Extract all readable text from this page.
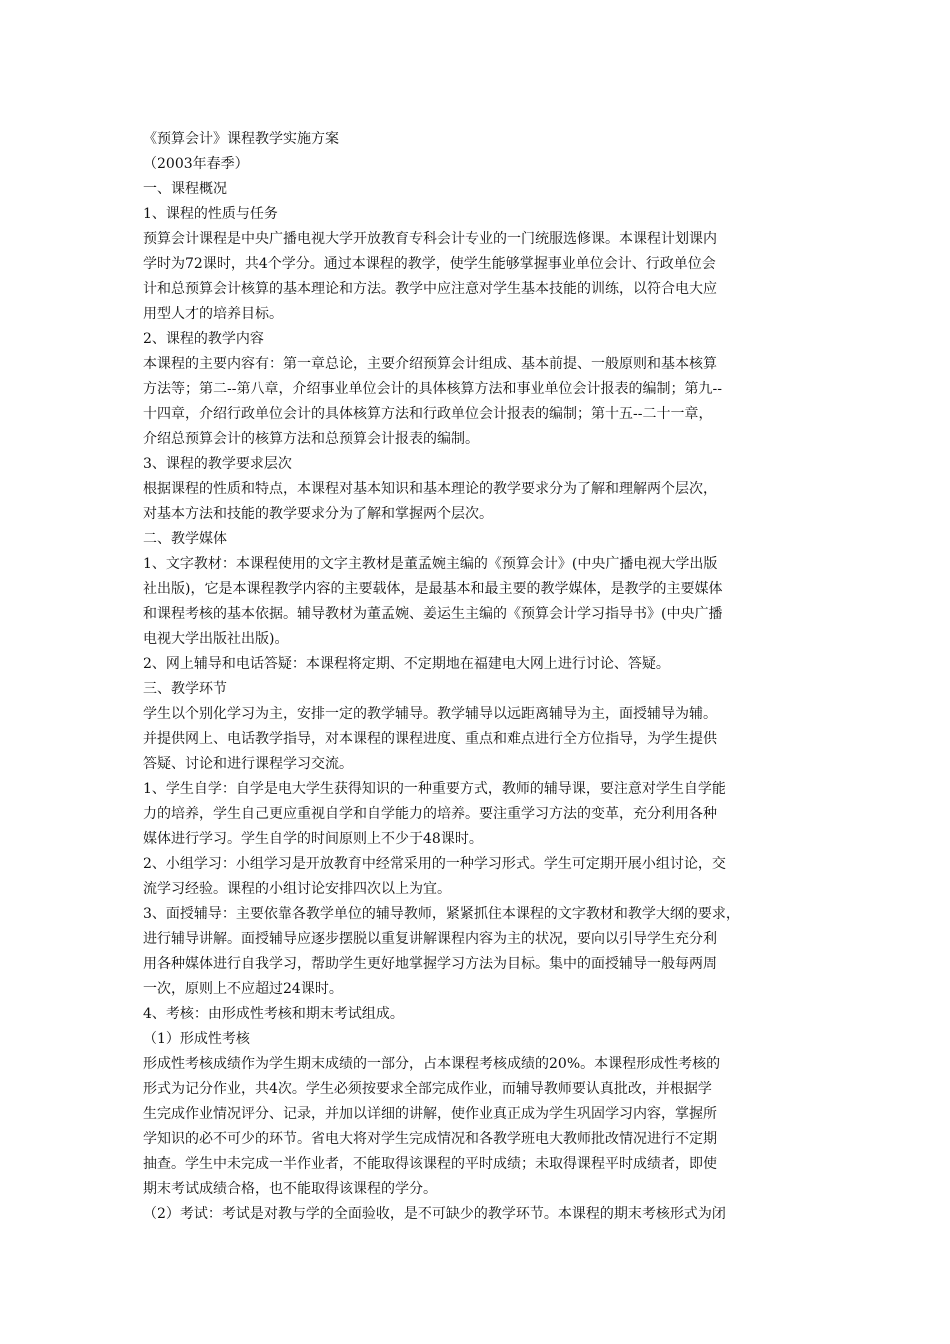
《预算会计》课程教学实施方案
（2003年春季）
一、课程概况
1、课程的性质与任务
预算会计课程是中央广播电视大学开放教育专科会计专业的一门统服选修课。本课程计划课内
学时为72课时，共4个学分。通过本课程的教学，使学生能够掌握事业单位会计、行政单位会
计和总预算会计核算的基本理论和方法。教学中应注意对学生基本技能的训练，以符合电大应
用型人才的培养目标。
2、课程的教学内容
本课程的主要内容有：第一章总论，主要介绍预算会计组成、基本前提、一般原则和基本核算
方法等；第二--第八章，介绍事业单位会计的具体核算方法和事业单位会计报表的编制；第九--
十四章，介绍行政单位会计的具体核算方法和行政单位会计报表的编制；第十五--二十一章，
介绍总预算会计的核算方法和总预算会计报表的编制。
3、课程的教学要求层次
根据课程的性质和特点，本课程对基本知识和基本理论的教学要求分为了解和理解两个层次，
对基本方法和技能的教学要求分为了解和掌握两个层次。
二、教学媒体
1、文字教材：本课程使用的文字主教材是董孟婉主编的《预算会计》(中央广播电视大学出版
社出版)，它是本课程教学内容的主要载体，是最基本和最主要的教学媒体，是教学的主要媒体
和课程考核的基本依据。辅导教材为董孟婉、姜运生主编的《预算会计学习指导书》(中央广播
电视大学出版社出版)。
2、网上辅导和电话答疑：本课程将定期、不定期地在福建电大网上进行讨论、答疑。
三、教学环节
学生以个别化学习为主，安排一定的教学辅导。教学辅导以远距离辅导为主，面授辅导为辅。
并提供网上、电话教学指导，对本课程的课程进度、重点和难点进行全方位指导，为学生提供
答疑、讨论和进行课程学习交流。
1、学生自学：自学是电大学生获得知识的一种重要方式，教师的辅导课，要注意对学生自学能
力的培养，学生自己更应重视自学和自学能力的培养。要注重学习方法的变革，充分利用各种
媒体进行学习。学生自学的时间原则上不少于48课时。
2、小组学习：小组学习是开放教育中经常采用的一种学习形式。学生可定期开展小组讨论，交
流学习经验。课程的小组讨论安排四次以上为宜。
3、面授辅导：主要依靠各教学单位的辅导教师，紧紧抓住本课程的文字教材和教学大纲的要求，
进行辅导讲解。面授辅导应逐步摆脱以重复讲解课程内容为主的状况，要向以引导学生充分利
用各种媒体进行自我学习，帮助学生更好地掌握学习方法为目标。集中的面授辅导一般每两周
一次，原则上不应超过24课时。
4、考核：由形成性考核和期末考试组成。
（1）形成性考核
形成性考核成绩作为学生期末成绩的一部分，占本课程考核成绩的20%。本课程形成性考核的
形式为记分作业，共4次。学生必须按要求全部完成作业，而辅导教师要认真批改，并根据学
生完成作业情况评分、记录，并加以详细的讲解，使作业真正成为学生巩固学习内容，掌握所
学知识的必不可少的环节。省电大将对学生完成情况和各教学班电大教师批改情况进行不定期
抽查。学生中未完成一半作业者，不能取得该课程的平时成绩；未取得课程平时成绩者，即使
期末考试成绩合格，也不能取得该课程的学分。
（2）考试：考试是对教与学的全面验收，是不可缺少的教学环节。本课程的期末考核形式为闭
